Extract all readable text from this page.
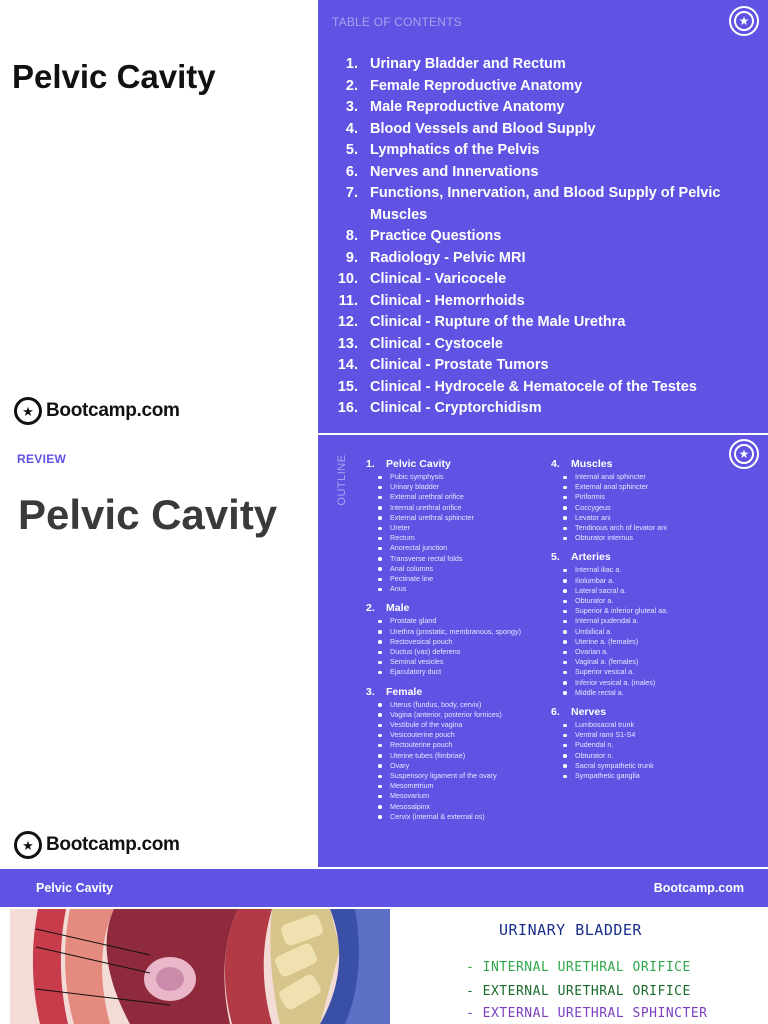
Pelvic Cavity
★ Bootcamp.com
TABLE OF CONTENTS	★
1. Urinary Bladder and Rectum
2. Female Reproductive Anatomy
3. Male Reproductive Anatomy
4. Blood Vessels and Blood Supply
5. Lymphatics of the Pelvis
6. Nerves and Innervations
7. Functions, Innervation, and Blood Supply of Pelvic Muscles
8. Practice Questions
9. Radiology - Pelvic MRI
10. Clinical - Varicocele
11. Clinical - Hemorrhoids
12. Clinical - Rupture of the Male Urethra
13. Clinical - Cystocele
14. Clinical - Prostate Tumors
15. Clinical - Hydrocele & Hematocele of the Testes
16. Clinical - Cryptorchidism
REVIEW
Pelvic Cavity
★ Bootcamp.com
OUTLINE
★
1.	Pelvic Cavity
Pubic symphysis
Urinary bladder
External urethral orifice
Internal urethral orifice
External urethral sphincter
Ureter
Rectum
Anorectal junction
Transverse rectal folds
Anal columns
Pectinate line
Anus
2.	Male
Prostate gland
Urethra (prostatic, membranous, spongy)
Rectovesical pouch
Ductus (vas) deferens
Seminal vesicles
Ejaculatory duct
3.	Female
Uterus (fundus, body, cervix)
Vagina (anterior, posterior fornices)
Vestibule of the vagina
Vesicouterine pouch
Rectouterine pouch
Uterine tubes (fimbriae)
Ovary
Suspensory ligament of the ovary
Mesometrium
Mesovarium
Mesosalpinx
Cervix (internal & external os)
4.	Muscles
Internal anal sphincter
External anal sphincter
Piriformis
Coccygeus
Levator ani
Tendinous arch of levator ani
Obturator internus
5.	Arteries
Internal iliac a.
Iliolumbar a.
Lateral sacral a.
Obturator a.
Superior & inferior gluteal aa.
Internal pudendal a.
Umbilical a.
Uterine a. (females)
Ovarian a.
Vaginal a. (females)
Superior vesical a.
Inferior vesical a. (males)
Middle rectal a.
6.	Nerves
Lumbosacral trunk
Ventral rami S1-S4
Pudendal n.
Obturator n.
Sacral sympathetic trunk
Sympathetic ganglia
Pelvic Cavity	Bootcamp.com
URINARY BLADDER
- INTERNAL URETHRAL ORIFICE
- EXTERNAL URETHRAL ORIFICE
- EXTERNAL URETHRAL SPHINCTER
